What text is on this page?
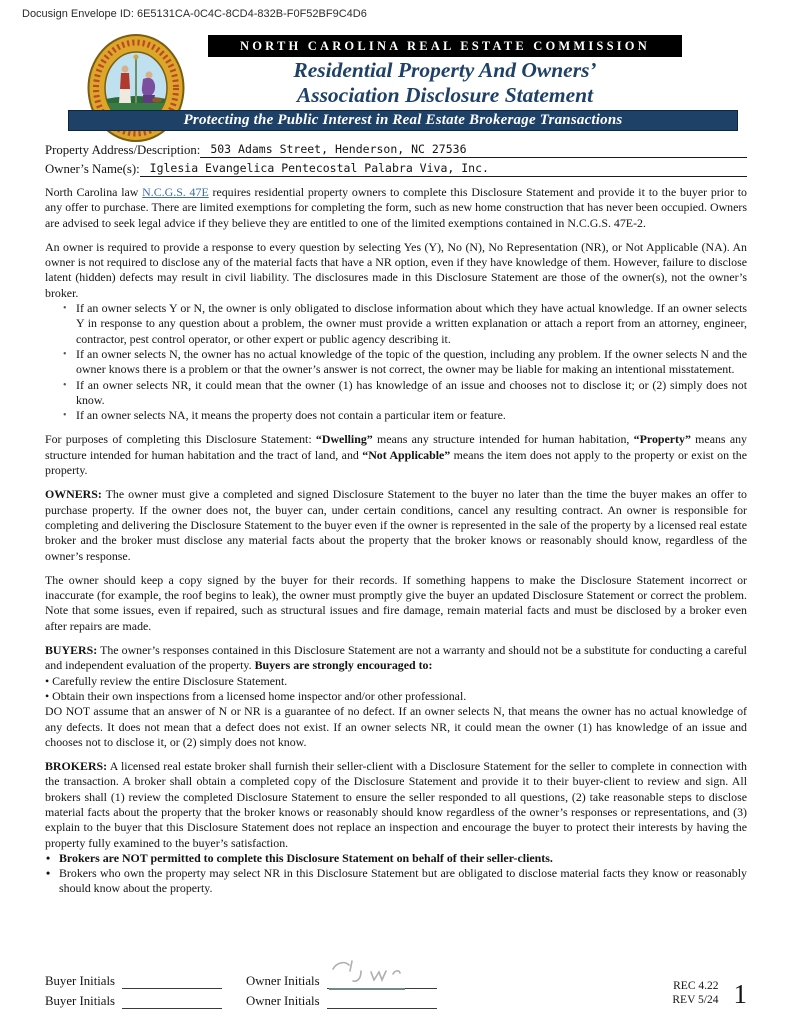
Docusign Envelope ID: 6E5131CA-0C4C-8CD4-832B-F0F52BF9C4D6
NORTH CAROLINA REAL ESTATE COMMISSION
Residential Property And Owners’
Association Disclosure Statement
Protecting the Public Interest in Real Estate Brokerage Transactions
Property Address/Description: 503 Adams Street, Henderson, NC 27536
Owner’s Name(s): Iglesia Evangelica Pentecostal Palabra Viva, Inc.

North Carolina law N.C.G.S. 47E requires residential property owners to complete this Disclosure Statement and provide it to the buyer prior to any offer to purchase. There are limited exemptions for completing the form, such as new home construction that has never been occupied. Owners are advised to seek legal advice if they believe they are entitled to one of the limited exemptions contained in N.C.G.S. 47E-2.

An owner is required to provide a response to every question by selecting Yes (Y), No (N), No Representation (NR), or Not Applicable (NA). An owner is not required to disclose any of the material facts that have a NR option, even if they have knowledge of them. However, failure to disclose latent (hidden) defects may result in civil liability. The disclosures made in this Disclosure Statement are those of the owner(s), not the owner’s broker.

• If an owner selects Y or N, the owner is only obligated to disclose information about which they have actual knowledge. If an owner selects Y in response to any question about a problem, the owner must provide a written explanation or attach a report from an attorney, engineer, contractor, pest control operator, or other expert or public agency describing it.
• If an owner selects N, the owner has no actual knowledge of the topic of the question, including any problem. If the owner selects N and the owner knows there is a problem or that the owner’s answer is not correct, the owner may be liable for making an intentional misstatement.
• If an owner selects NR, it could mean that the owner (1) has knowledge of an issue and chooses not to disclose it; or (2) simply does not know.
• If an owner selects NA, it means the property does not contain a particular item or feature.

For purposes of completing this Disclosure Statement: “Dwelling” means any structure intended for human habitation, “Property” means any structure intended for human habitation and the tract of land, and “Not Applicable” means the item does not apply to the property or exist on the property.

OWNERS: The owner must give a completed and signed Disclosure Statement to the buyer no later than the time the buyer makes an offer to purchase property. If the owner does not, the buyer can, under certain conditions, cancel any resulting contract. An owner is responsible for completing and delivering the Disclosure Statement to the buyer even if the owner is represented in the sale of the property by a licensed real estate broker and the broker must disclose any material facts about the property that the broker knows or reasonably should know, regardless of the owner’s response.

The owner should keep a copy signed by the buyer for their records. If something happens to make the Disclosure Statement incorrect or inaccurate (for example, the roof begins to leak), the owner must promptly give the buyer an updated Disclosure Statement or correct the problem. Note that some issues, even if repaired, such as structural issues and fire damage, remain material facts and must be disclosed by a broker even after repairs are made.

BUYERS: The owner’s responses contained in this Disclosure Statement are not a warranty and should not be a substitute for conducting a careful and independent evaluation of the property. Buyers are strongly encouraged to:

• Carefully review the entire Disclosure Statement.

• Obtain their own inspections from a licensed home inspector and/or other professional.

DO NOT assume that an answer of N or NR is a guarantee of no defect. If an owner selects N, that means the owner has no actual knowledge of any defects. It does not mean that a defect does not exist. If an owner selects NR, it could mean the owner (1) has knowledge of an issue and chooses not to disclose it, or (2) simply does not know.

BROKERS: A licensed real estate broker shall furnish their seller-client with a Disclosure Statement for the seller to complete in connection with the transaction. A broker shall obtain a completed copy of the Disclosure Statement and provide it to their buyer-client to review and sign. All brokers shall (1) review the completed Disclosure Statement to ensure the seller responded to all questions, (2) take reasonable steps to disclose material facts about the property that the broker knows or reasonably should know regardless of the owner’s responses or representations, and (3) explain to the buyer that this Disclosure Statement does not replace an inspection and encourage the buyer to protect their interests by having the property fully examined to the buyer’s satisfaction.

• Brokers are NOT permitted to complete this Disclosure Statement on behalf of their seller-clients.
• Brokers who own the property may select NR in this Disclosure Statement but are obligated to disclose material facts they know or reasonably should know about the property.
Buyer Initials	Owner Initials
Buyer Initials	Owner Initials
REC 4.22
REV 5/24 1
